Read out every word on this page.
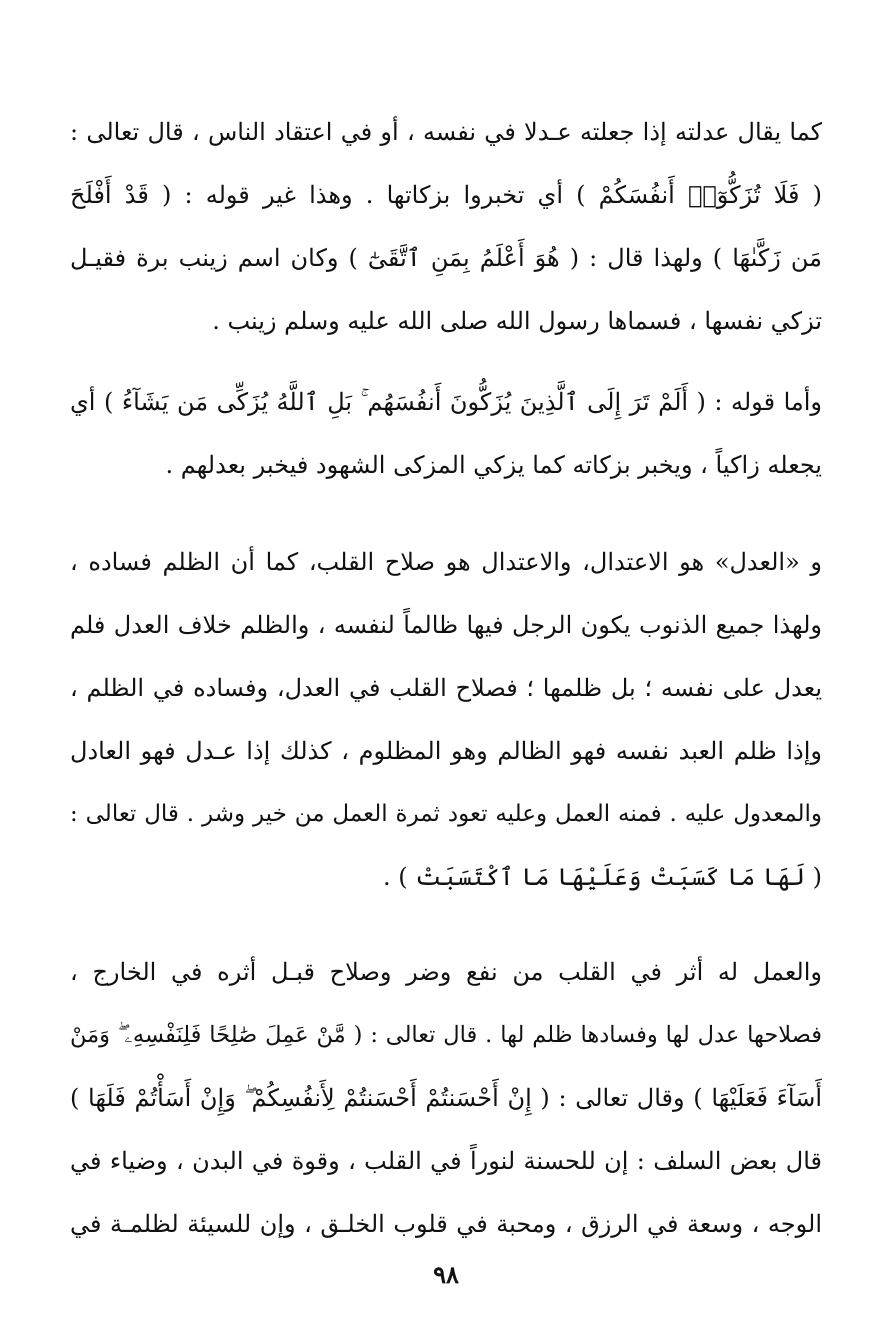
كما يقال عدلته إذا جعلته عـدلا في نفسه ، أو في اعتقاد الناس ، قال تعالى :
( فَلَا تُزَكُّوٓا۟ أَنفُسَكُمْ ) أي تخبروا بزكاتها . وهذا غير قوله : ( قَدْ أَفْلَحَ
مَن زَكَّىٰهَا ) ولهذا قال : ( هُوَ أَعْلَمُ بِمَنِ ٱتَّقَىٰٓ ) وكان اسم زينب برة فقيـل
تزكي نفسها ، فسماها رسول الله صلى الله عليه وسلم زينب .
وأما قوله : ( أَلَمْ تَرَ إِلَى ٱلَّذِينَ يُزَكُّونَ أَنفُسَهُم ۚ بَلِ ٱللَّهُ يُزَكِّى مَن يَشَآءُ ) أي
يجعله زاكياً ، ويخبر بزكاته كما يزكي المزكى الشهود فيخبر بعدلهم .
و «العدل» هو الاعتدال، والاعتدال هو صلاح القلب، كما أن الظلم فساده ،
ولهذا جميع الذنوب يكون الرجل فيها ظالماً لنفسه ، والظلم خلاف العدل فلم
يعدل على نفسه ؛ بل ظلمها ؛ فصلاح القلب في العدل، وفساده في الظلم ،
وإذا ظلم العبد نفسه فهو الظالم وهو المظلوم ، كذلك إذا عـدل فهو العادل
والمعدول عليه . فمنه العمل وعليه تعود ثمرة العمل من خير وشر . قال تعالى :
( لَهَا مَا كَسَبَتْ وَعَلَيْهَا مَا ٱكْتَسَبَتْ ) .
والعمل له أثر في القلب من نفع وضر وصلاح قبـل أثره في الخارج ،
فصلاحها عدل لها وفسادها ظلم لها . قال تعالى : ( مَّنْ عَمِلَ صَٰلِحًا فَلِنَفْسِهِۦ ۖ وَمَنْ
أَسَآءَ فَعَلَيْهَا ) وقال تعالى : ( إِنْ أَحْسَنتُمْ أَحْسَنتُمْ لِأَنفُسِكُمْ ۖ وَإِنْ أَسَأْتُمْ فَلَهَا )
قال بعض السلف : إن للحسنة لنوراً في القلب ، وقوة في البدن ، وضياء في
الوجه ، وسعة في الرزق ، ومحبة في قلوب الخلـق ، وإن للسيئة لظلمـة في
٩٨
